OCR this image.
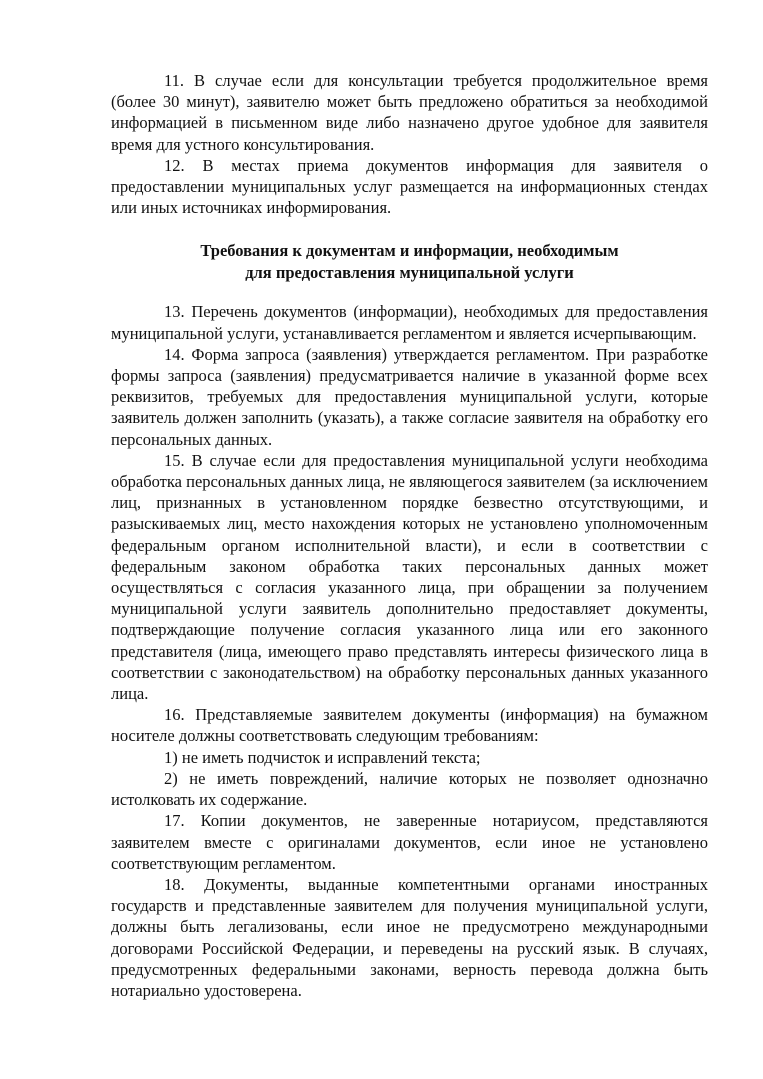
11. В случае если для консультации требуется продолжительное время (более 30 минут), заявителю может быть предложено обратиться за необходимой информацией в письменном виде либо назначено другое удобное для заявителя время для устного консультирования.

12. В местах приема документов информация для заявителя о предоставлении муниципальных услуг размещается на информационных стендах или иных источниках информирования.

Требования к документам и информации, необходимым
для предоставления муниципальной услуги

13. Перечень документов (информации), необходимых для предоставления муниципальной услуги, устанавливается регламентом и является исчерпывающим.

14. Форма запроса (заявления) утверждается регламентом. При разработке формы запроса (заявления) предусматривается наличие в указанной форме всех реквизитов, требуемых для предоставления муниципальной услуги, которые заявитель должен заполнить (указать), а также согласие заявителя на обработку его персональных данных.

15. В случае если для предоставления муниципальной услуги необходима обработка персональных данных лица, не являющегося заявителем (за исключением лиц, признанных в установленном порядке безвестно отсутствующими, и разыскиваемых лиц, место нахождения которых не установлено уполномоченным федеральным органом исполнительной власти), и если в соответствии с федеральным законом обработка таких персональных данных может осуществляться с согласия указанного лица, при обращении за получением муниципальной услуги заявитель дополнительно предоставляет документы, подтверждающие получение согласия указанного лица или его законного представителя (лица, имеющего право представлять интересы физического лица в соответствии с законодательством) на обработку персональных данных указанного лица.

16. Представляемые заявителем документы (информация) на бумажном носителе должны соответствовать следующим требованиям:

1) не иметь подчисток и исправлений текста;

2) не иметь повреждений, наличие которых не позволяет однозначно истолковать их содержание.

17. Копии документов, не заверенные нотариусом, представляются заявителем вместе с оригиналами документов, если иное не установлено соответствующим регламентом.

18. Документы, выданные компетентными органами иностранных государств и представленные заявителем для получения муниципальной услуги, должны быть легализованы, если иное не предусмотрено международными договорами Российской Федерации, и переведены на русский язык. В случаях, предусмотренных федеральными законами, верность перевода должна быть нотариально удостоверена.
